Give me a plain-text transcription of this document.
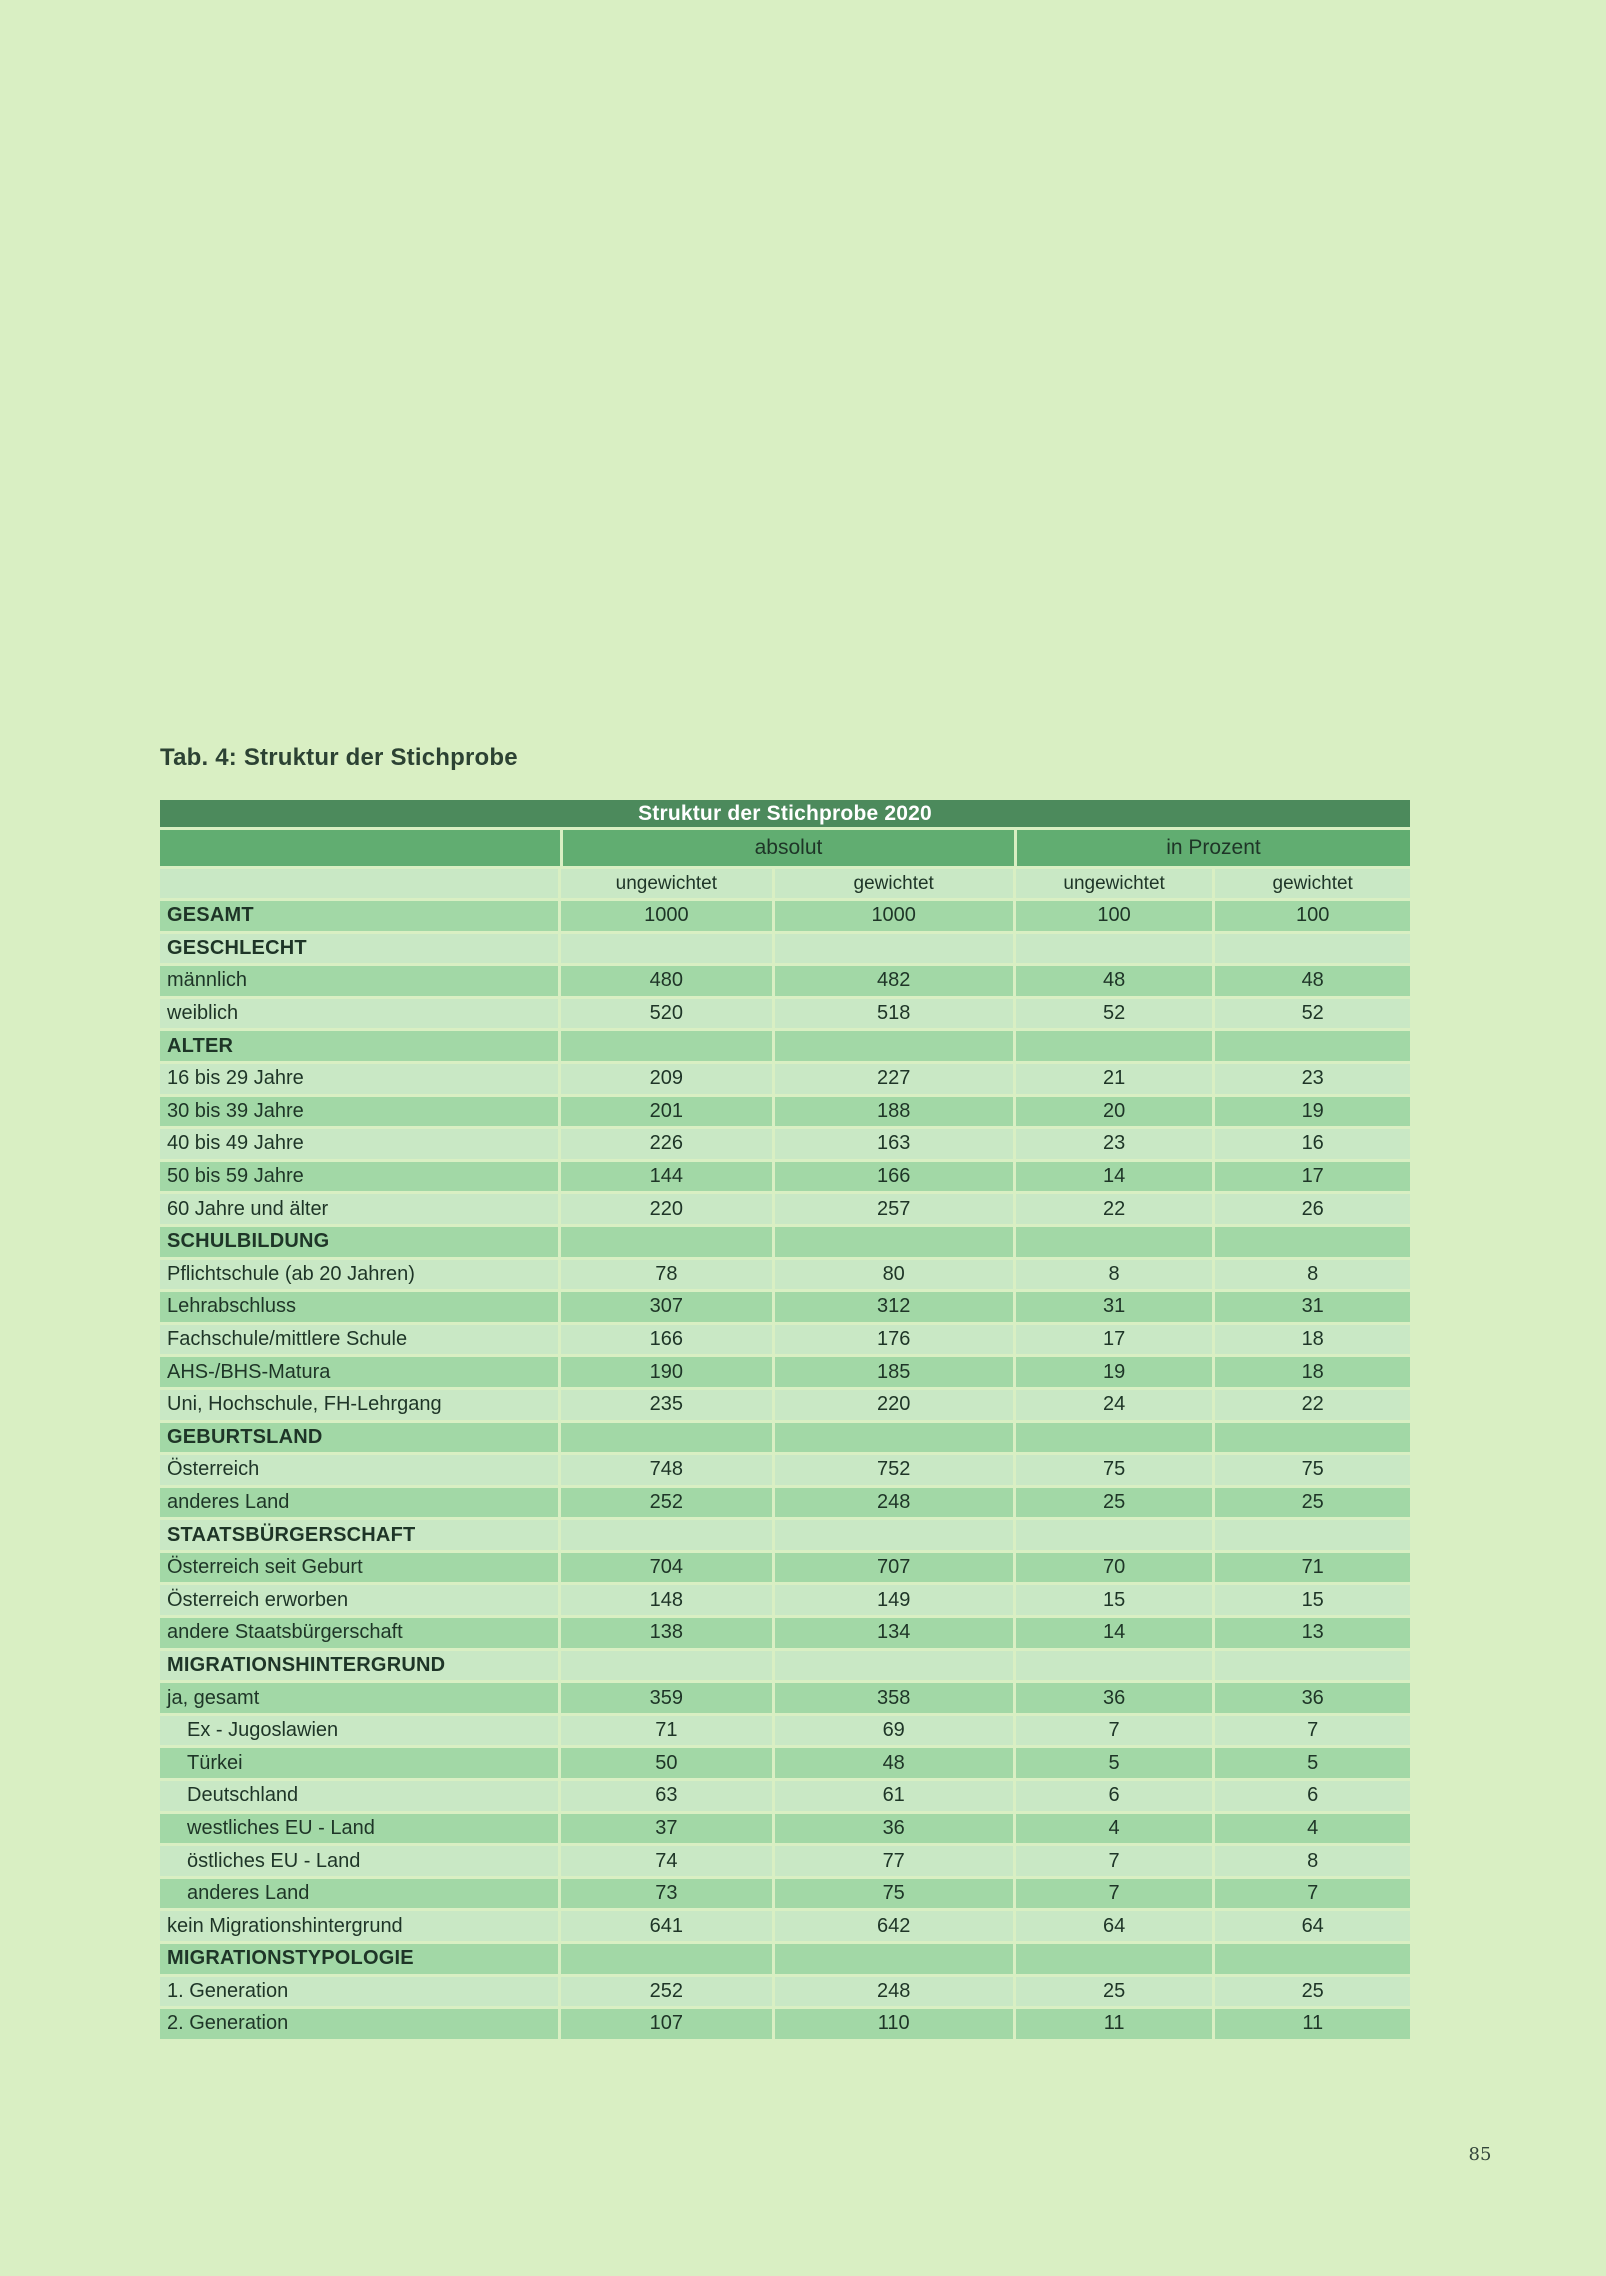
Tab. 4: Struktur der Stichprobe
Struktur der Stichprobe 2020
absolut	in Prozent
ungewichtet	gewichtet	ungewichtet	gewichtet
GESAMT	1000	1000	100	100
GESCHLECHT
männlich	480	482	48	48
weiblich	520	518	52	52
ALTER
16 bis 29 Jahre	209	227	21	23
30 bis 39 Jahre	201	188	20	19
40 bis 49 Jahre	226	163	23	16
50 bis 59 Jahre	144	166	14	17
60 Jahre und älter	220	257	22	26
SCHULBILDUNG
Pflichtschule (ab 20 Jahren)	78	80	8	8
Lehrabschluss	307	312	31	31
Fachschule/mittlere Schule	166	176	17	18
AHS-/BHS-Matura	190	185	19	18
Uni, Hochschule, FH-Lehrgang	235	220	24	22
GEBURTSLAND
Österreich	748	752	75	75
anderes Land	252	248	25	25
STAATSBÜRGERSCHAFT
Österreich seit Geburt	704	707	70	71
Österreich erworben	148	149	15	15
andere Staatsbürgerschaft	138	134	14	13
MIGRATIONSHINTERGRUND
ja, gesamt	359	358	36	36
Ex - Jugoslawien	71	69	7	7
Türkei	50	48	5	5
Deutschland	63	61	6	6
westliches EU - Land	37	36	4	4
östliches EU - Land	74	77	7	8
anderes Land	73	75	7	7
kein Migrationshintergrund	641	642	64	64
MIGRATIONSTYPOLOGIE
1. Generation	252	248	25	25
2. Generation	107	110	11	11
85
